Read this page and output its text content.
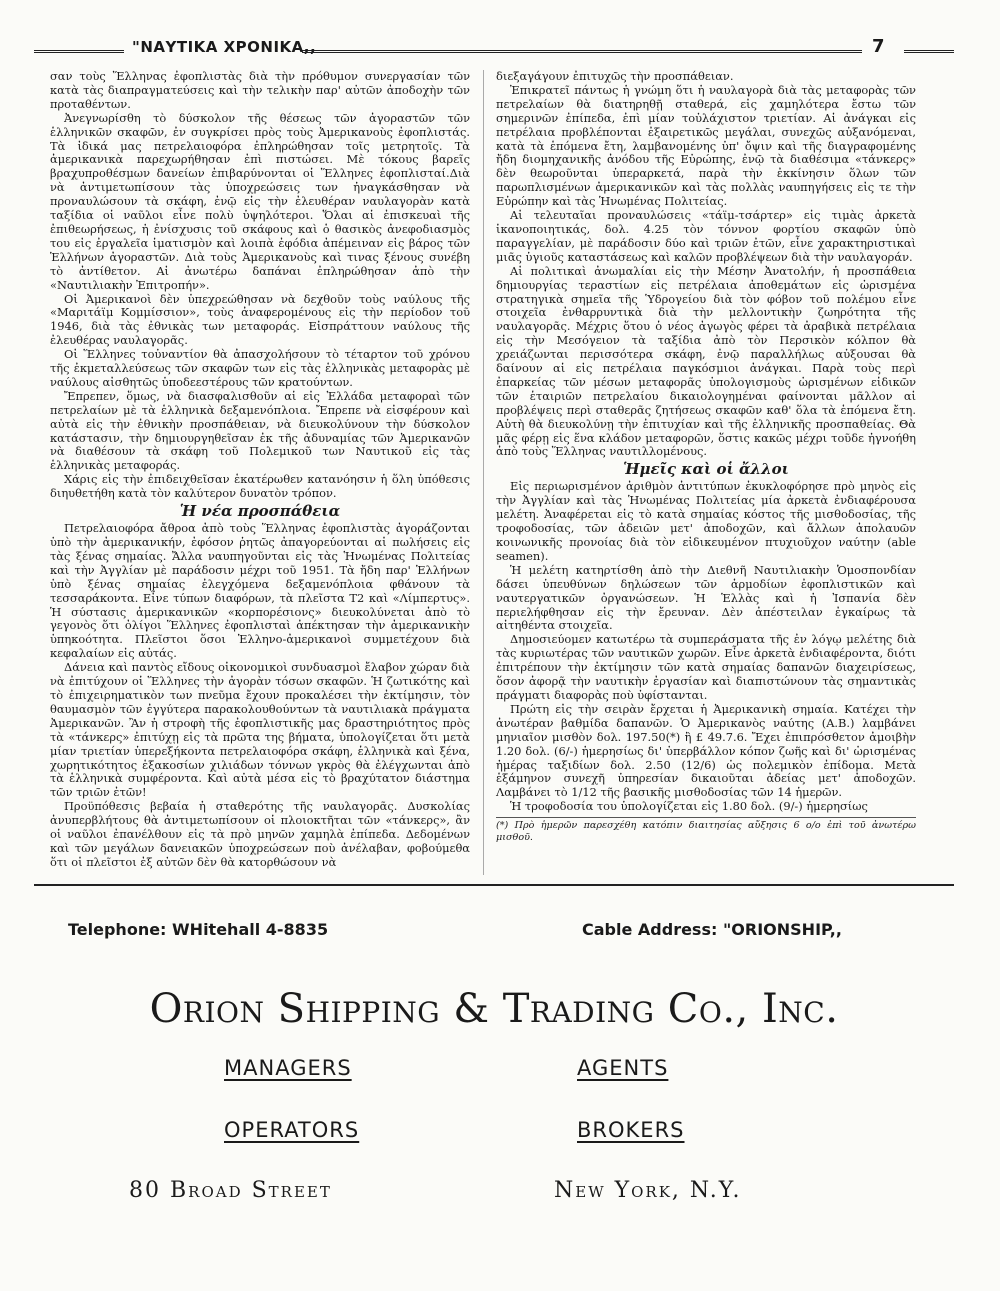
"ΝΑΥΤΙΚΑ ΧΡΟΝΙΚΑ,,	7

σαν τοὺς Ἕλληνας ἐφοπλιστὰς διὰ τὴν πρόθυμον συνεργασίαν τῶν κατὰ τὰς διαπραγματεύσεις καὶ τὴν τελικὴν παρ' αὐτῶν ἀποδοχὴν τῶν προταθέντων.

Ἀνεγνωρίσθη τὸ δύσκολον τῆς θέσεως τῶν ἀγοραστῶν τῶν ἑλληνικῶν σκαφῶν, ἐν συγκρίσει πρὸς τοὺς Ἀμερικανοὺς ἐφοπλιστάς. Τὰ ἰδικά μας πετρελαιοφόρα ἐπληρώθησαν τοῖς μετρητοῖς. Τὰ ἀμερικανικὰ παρεχωρήθησαν ἐπὶ πιστώσει. Μὲ τόκους βαρεῖς βραχυπροθέσμων δανείων ἐπιβαρύνονται οἱ Ἕλληνες ἐφοπλισταί.Διὰ νὰ ἀντιμετωπίσουν τὰς ὑποχρεώσεις των ἠναγκάσθησαν νὰ προναυλώσουν τὰ σκάφη, ἐνῷ εἰς τὴν ἐλευθέραν ναυλαγορὰν κατὰ ταξίδια οἱ ναῦλοι εἶνε πολὺ ὑψηλότεροι. Ὅλαι αἱ ἐπισκευαὶ τῆς ἐπιθεωρήσεως, ἡ ἐνίσχυσις τοῦ σκάφους καὶ ὁ θασικὸς ἀνεφοδιασμὸς του εἰς ἐργαλεῖα ἱματισμὸν καὶ λοιπὰ ἐφόδια ἀπέμειναν εἰς βάρος τῶν Ἑλλήνων ἀγοραστῶν. Διὰ τοὺς Ἀμερικανοὺς καὶ τινας ξένους συνέβη τὸ ἀντίθετον. Αἱ ἀνωτέρω δαπάναι ἐπληρώθησαν ἀπὸ τὴν «Ναυτιλιακὴν Ἐπιτροπήν».

Οἱ Ἀμερικανοὶ δὲν ὑπεχρεώθησαν νὰ δεχθοῦν τοὺς ναύλους τῆς «Μαριτάϊμ Κομμίσσιον», τοὺς ἀναφερομένους εἰς τὴν περίοδον τοῦ 1946, διὰ τὰς ἐθνικὰς των μεταφοράς. Εἰσπράττουν ναύλους τῆς ἐλευθέρας ναυλαγορᾶς.

Οἱ Ἕλληνες τοὐναντίον θὰ ἀπασχολήσουν τὸ τέταρτον τοῦ χρόνου τῆς ἐκμεταλλεύσεως τῶν σκαφῶν των εἰς τὰς ἑλληνικὰς μεταφορὰς μὲ ναύλους αἰσθητῶς ὑποδεεστέρους τῶν κρατούντων.

Ἔπρεπεν, ὅμως, νὰ διασφαλισθοῦν αἱ εἰς Ἑλλάδα μεταφοραὶ τῶν πετρελαίων μὲ τὰ ἑλληνικὰ δεξαμενόπλοια. Ἔπρεπε νὰ εἰσφέρουν καὶ αὐτὰ εἰς τὴν ἐθνικὴν προσπάθειαν, νὰ διευκολύνουν τὴν δύσκολον κατάστασιν, τὴν δημιουργηθεῖσαν ἐκ τῆς ἀδυναμίας τῶν Ἀμερικανῶν νὰ διαθέσουν τὰ σκάφη τοῦ Πολεμικοῦ των Ναυτικοῦ εἰς τὰς ἑλληνικὰς μεταφοράς.

Χάρις εἰς τὴν ἐπιδειχθεῖσαν ἑκατέρωθεν κατανόησιν ἡ ὅλη ὑπόθεσις διηυθετήθη κατὰ τὸν καλύτερον δυνατὸν τρόπον.

Ἡ νέα προσπάθεια

Πετρελαιοφόρα ἄθροα ἀπὸ τοὺς Ἕλληνας ἐφοπλιστὰς ἀγοράζονται ὑπὸ τὴν ἀμερικανικήν, ἐφόσον ῥητῶς ἀπαγορεύονται αἱ πωλήσεις εἰς τὰς ξένας σημαίας. Ἄλλα ναυπηγοῦνται εἰς τὰς Ἡνωμένας Πολιτείας καὶ τὴν Ἀγγλίαν μὲ παράδοσιν μέχρι τοῦ 1951. Τὰ ἤδη παρ' Ἑλλήνων ὑπὸ ξένας σημαίας ἐλεγχόμενα δεξαμενόπλοια φθάνουν τὰ τεσσαράκοντα. Εἶνε τύπων διαφόρων, τὰ πλεῖστα Τ2 καὶ «Λίμπερτυς». Ἡ σύστασις ἀμερικανικῶν «κορπορέσιονς» διευκολύνεται ἀπὸ τὸ γεγονὸς ὅτι ὀλίγοι Ἕλληνες ἐφοπλισταὶ ἀπέκτησαν τὴν ἀμερικανικὴν ὑπηκοότητα. Πλεῖστοι ὅσοι Ἑλληνο-ἀμερικανοὶ συμμετέχουν διὰ κεφαλαίων εἰς αὐτάς.

Δάνεια καὶ παντὸς εἴδους οἰκονομικοὶ συνδυασμοὶ ἔλαβον χώραν διὰ νὰ ἐπιτύχουν οἱ Ἕλληνες τὴν ἀγορὰν τόσων σκαφῶν. Ἡ ζωτικότης καὶ τὸ ἐπιχειρηματικὸν των πνεῦμα ἔχουν προκαλέσει τὴν ἐκτίμησιν, τὸν θαυμασμὸν τῶν ἐγγύτερα παρακολουθούντων τὰ ναυτιλιακὰ πράγματα Ἀμερικανῶν. Ἂν ἡ στροφὴ τῆς ἐφοπλιστικῆς μας δραστηριότητος πρὸς τὰ «τάνκερς» ἐπιτύχῃ εἰς τὰ πρῶτα της βήματα, ὑπολογίζεται ὅτι μετὰ μίαν τριετίαν ὑπερεξήκοντα πετρελαιοφόρα σκάφη, ἑλληνικὰ καὶ ξένα, χωρητικότητος ἑξακοσίων χιλιάδων τόννων γκρὸς θὰ ἐλέγχωνται ἀπὸ τὰ ἑλληνικὰ συμφέροντα. Καὶ αὐτὰ μέσα εἰς τὸ βραχύτατον διάστημα τῶν τριῶν ἐτῶν!

Προϋπόθεσις βεβαία ἡ σταθερότης τῆς ναυλαγορᾶς. Δυσκολίας ἀνυπερβλήτους θὰ ἀντιμετωπίσουν οἱ πλοιοκτῆται τῶν «τάνκερς», ἂν οἱ ναῦλοι ἐπανέλθουν εἰς τὰ πρὸ μηνῶν χαμηλὰ ἐπίπεδα. Δεδομένων καὶ τῶν μεγάλων δανειακῶν ὑποχρεώσεων ποὺ ἀνέλαβαν, φοβούμεθα ὅτι οἱ πλεῖστοι ἐξ αὐτῶν δὲν θὰ κατορθώσουν νὰ

διεξαγάγουν ἐπιτυχῶς τὴν προσπάθειαν.

Ἐπικρατεῖ πάντως ἡ γνώμη ὅτι ἡ ναυλαγορὰ διὰ τὰς μεταφορὰς τῶν πετρελαίων θὰ διατηρηθῇ σταθερά, εἰς χαμηλότερα ἔστω τῶν σημερινῶν ἐπίπεδα, ἐπὶ μίαν τοὐλάχιστον τριετίαν. Αἱ ἀνάγκαι εἰς πετρέλαια προβλέπονται ἐξαιρετικῶς μεγάλαι, συνεχῶς αὐξανόμεναι, κατὰ τὰ ἑπόμενα ἔτη, λαμβανομένης ὑπ' ὄψιν καὶ τῆς διαγραφομένης ἤδη διομηχανικῆς ἀνόδου τῆς Εὐρώπης, ἐνῷ τὰ διαθέσιμα «τάνκερς» δὲν θεωροῦνται ὑπεραρκετά, παρὰ τὴν ἐκκίνησιν ὅλων τῶν παρωπλισμένων ἀμερικανικῶν καὶ τὰς πολλὰς ναυπηγήσεις εἰς τε τὴν Εὐρώπην καὶ τὰς Ἡνωμένας Πολιτείας.

Αἱ τελευταῖαι προναυλώσεις «τάϊμ-τσάρτερ» εἰς τιμὰς ἀρκετὰ ἱκανοποιητικάς, δολ. 4.25 τὸν τόννον φορτίου σκαφῶν ὑπὸ παραγγελίαν, μὲ παράδοσιν δύο καὶ τριῶν ἐτῶν, εἶνε χαρακτηριστικαὶ μιᾶς ὑγιοῦς καταστάσεως καὶ καλῶν προβλέψεων διὰ τὴν ναυλαγοράν.

Αἱ πολιτικαὶ ἀνωμαλίαι εἰς τὴν Μέσην Ἀνατολήν, ἡ προσπάθεια δημιουργίας τεραστίων εἰς πετρέλαια ἀποθεμάτων εἰς ὡρισμένα στρατηγικὰ σημεῖα τῆς Ὑδρογείου διὰ τὸν φόβον τοῦ πολέμου εἶνε στοιχεῖα ἐνθαρρυντικὰ διὰ τὴν μελλοντικὴν ζωηρότητα τῆς ναυλαγορᾶς. Μέχρις ὅτου ὁ νέος ἀγωγὸς φέρει τὰ ἀραβικὰ πετρέλαια εἰς τὴν Μεσόγειον τὰ ταξίδια ἀπὸ τὸν Περσικὸν κόλπον θὰ χρειάζωνται περισσότερα σκάφη, ἐνῷ παραλλήλως αὐξουσαι θὰ δαίνουν αἱ εἰς πετρέλαια παγκόσμιοι ἀνάγκαι. Παρὰ τοὺς περὶ ἐπαρκείας τῶν μέσων μεταφορᾶς ὑπολογισμοὺς ὡρισμένων εἰδικῶν τῶν ἑταιριῶν πετρελαίου δικαιολογημέναι φαίνονται μᾶλλον αἱ προβλέψεις περὶ σταθερᾶς ζητήσεως σκαφῶν καθ' ὅλα τὰ ἑπόμενα ἔτη. Αὐτὴ θὰ διευκολύνῃ τὴν ἐπιτυχίαν καὶ τῆς ἑλληνικῆς προσπαθείας. Θὰ μᾶς φέρῃ εἰς ἕνα κλάδον μεταφορῶν, ὅστις κακῶς μέχρι τοῦδε ἠγνοήθη ἀπὸ τοὺς Ἕλληνας ναυτιλλομένους.

Ἡμεῖς καὶ οἱ ἄλλοι

Εἰς περιωρισμένον ἀριθμὸν ἀντιτύπων ἐκυκλοφόρησε πρὸ μηνὸς εἰς τὴν Ἀγγλίαν καὶ τὰς Ἡνωμένας Πολιτείας μία ἀρκετὰ ἐνδιαφέρουσα μελέτη. Ἀναφέρεται εἰς τὸ κατὰ σημαίας κόστος τῆς μισθοδοσίας, τῆς τροφοδοσίας, τῶν ἀδειῶν μετ' ἀποδοχῶν, καὶ ἄλλων ἀπολαυῶν κοινωνικῆς προνοίας διὰ τὸν εἰδικευμένον πτυχιοῦχον ναύτην (able seamen).

Ἡ μελέτη κατηρτίσθη ἀπὸ τὴν Διεθνῆ Ναυτιλιακὴν Ὁμοσπονδίαν δάσει ὑπευθύνων δηλώσεων τῶν ἁρμοδίων ἐφοπλιστικῶν καὶ ναυτεργατικῶν ὀργανώσεων. Ἡ Ἑλλὰς καὶ ἡ Ἰσπανία δὲν περιελήφθησαν εἰς τὴν ἔρευναν. Δὲν ἀπέστειλαν ἐγκαίρως τὰ αἰτηθέντα στοιχεῖα.

Δημοσιεύομεν κατωτέρω τὰ συμπεράσματα τῆς ἐν λόγῳ μελέτης διὰ τὰς κυριωτέρας τῶν ναυτικῶν χωρῶν. Εἶνε ἀρκετὰ ἐνδιαφέροντα, διότι ἐπιτρέπουν τὴν ἐκτίμησιν τῶν κατὰ σημαίας δαπανῶν διαχειρίσεως, ὅσον ἀφορᾷ τὴν ναυτικὴν ἐργασίαν καὶ διαπιστώνουν τὰς σημαντικὰς πράγματι διαφορὰς ποὺ ὑφίστανται.

Πρώτη εἰς τὴν σειρὰν ἔρχεται ἡ Ἀμερικανικὴ σημαία. Κατέχει τὴν ἀνωτέραν βαθμίδα δαπανῶν. Ὁ Ἀμερικανὸς ναύτης (Α.Β.) λαμβάνει μηνιαῖον μισθὸν δολ. 197.50(*) ἢ £ 49.7.6. Ἔχει ἐπιπρόσθετον ἀμοιβὴν 1.20 δολ. (6/-) ἡμερησίως δι' ὑπερβάλλον κόπον ζωῆς καὶ δι' ὡρισμένας ἡμέρας ταξιδίων δολ. 2.50 (12/6) ὡς πολεμικὸν ἐπίδομα. Μετὰ ἑξάμηνον συνεχῆ ὑπηρεσίαν δικαιοῦται ἀδείας μετ' ἀποδοχῶν. Λαμβάνει τὸ 1/12 τῆς βασικῆς μισθοδοσίας τῶν 14 ἡμερῶν.

Ἡ τροφοδοσία του ὑπολογίζεται εἰς 1.80 δολ. (9/-) ἡμερησίως

(*) Πρὸ ἡμερῶν παρεσχέθη κατόπιν διαιτησίας αὔξησις 6 ο/ο ἐπὶ τοῦ ἀνωτέρω μισθοῦ.
Telephone: WHitehall 4-8835	Cable Address: "ORIONSHIP,,
Orion Shipping & Trading Co., Inc.
MANAGERS	AGENTS
OPERATORS	BROKERS
80 Broad Street	New York, N.Y.
